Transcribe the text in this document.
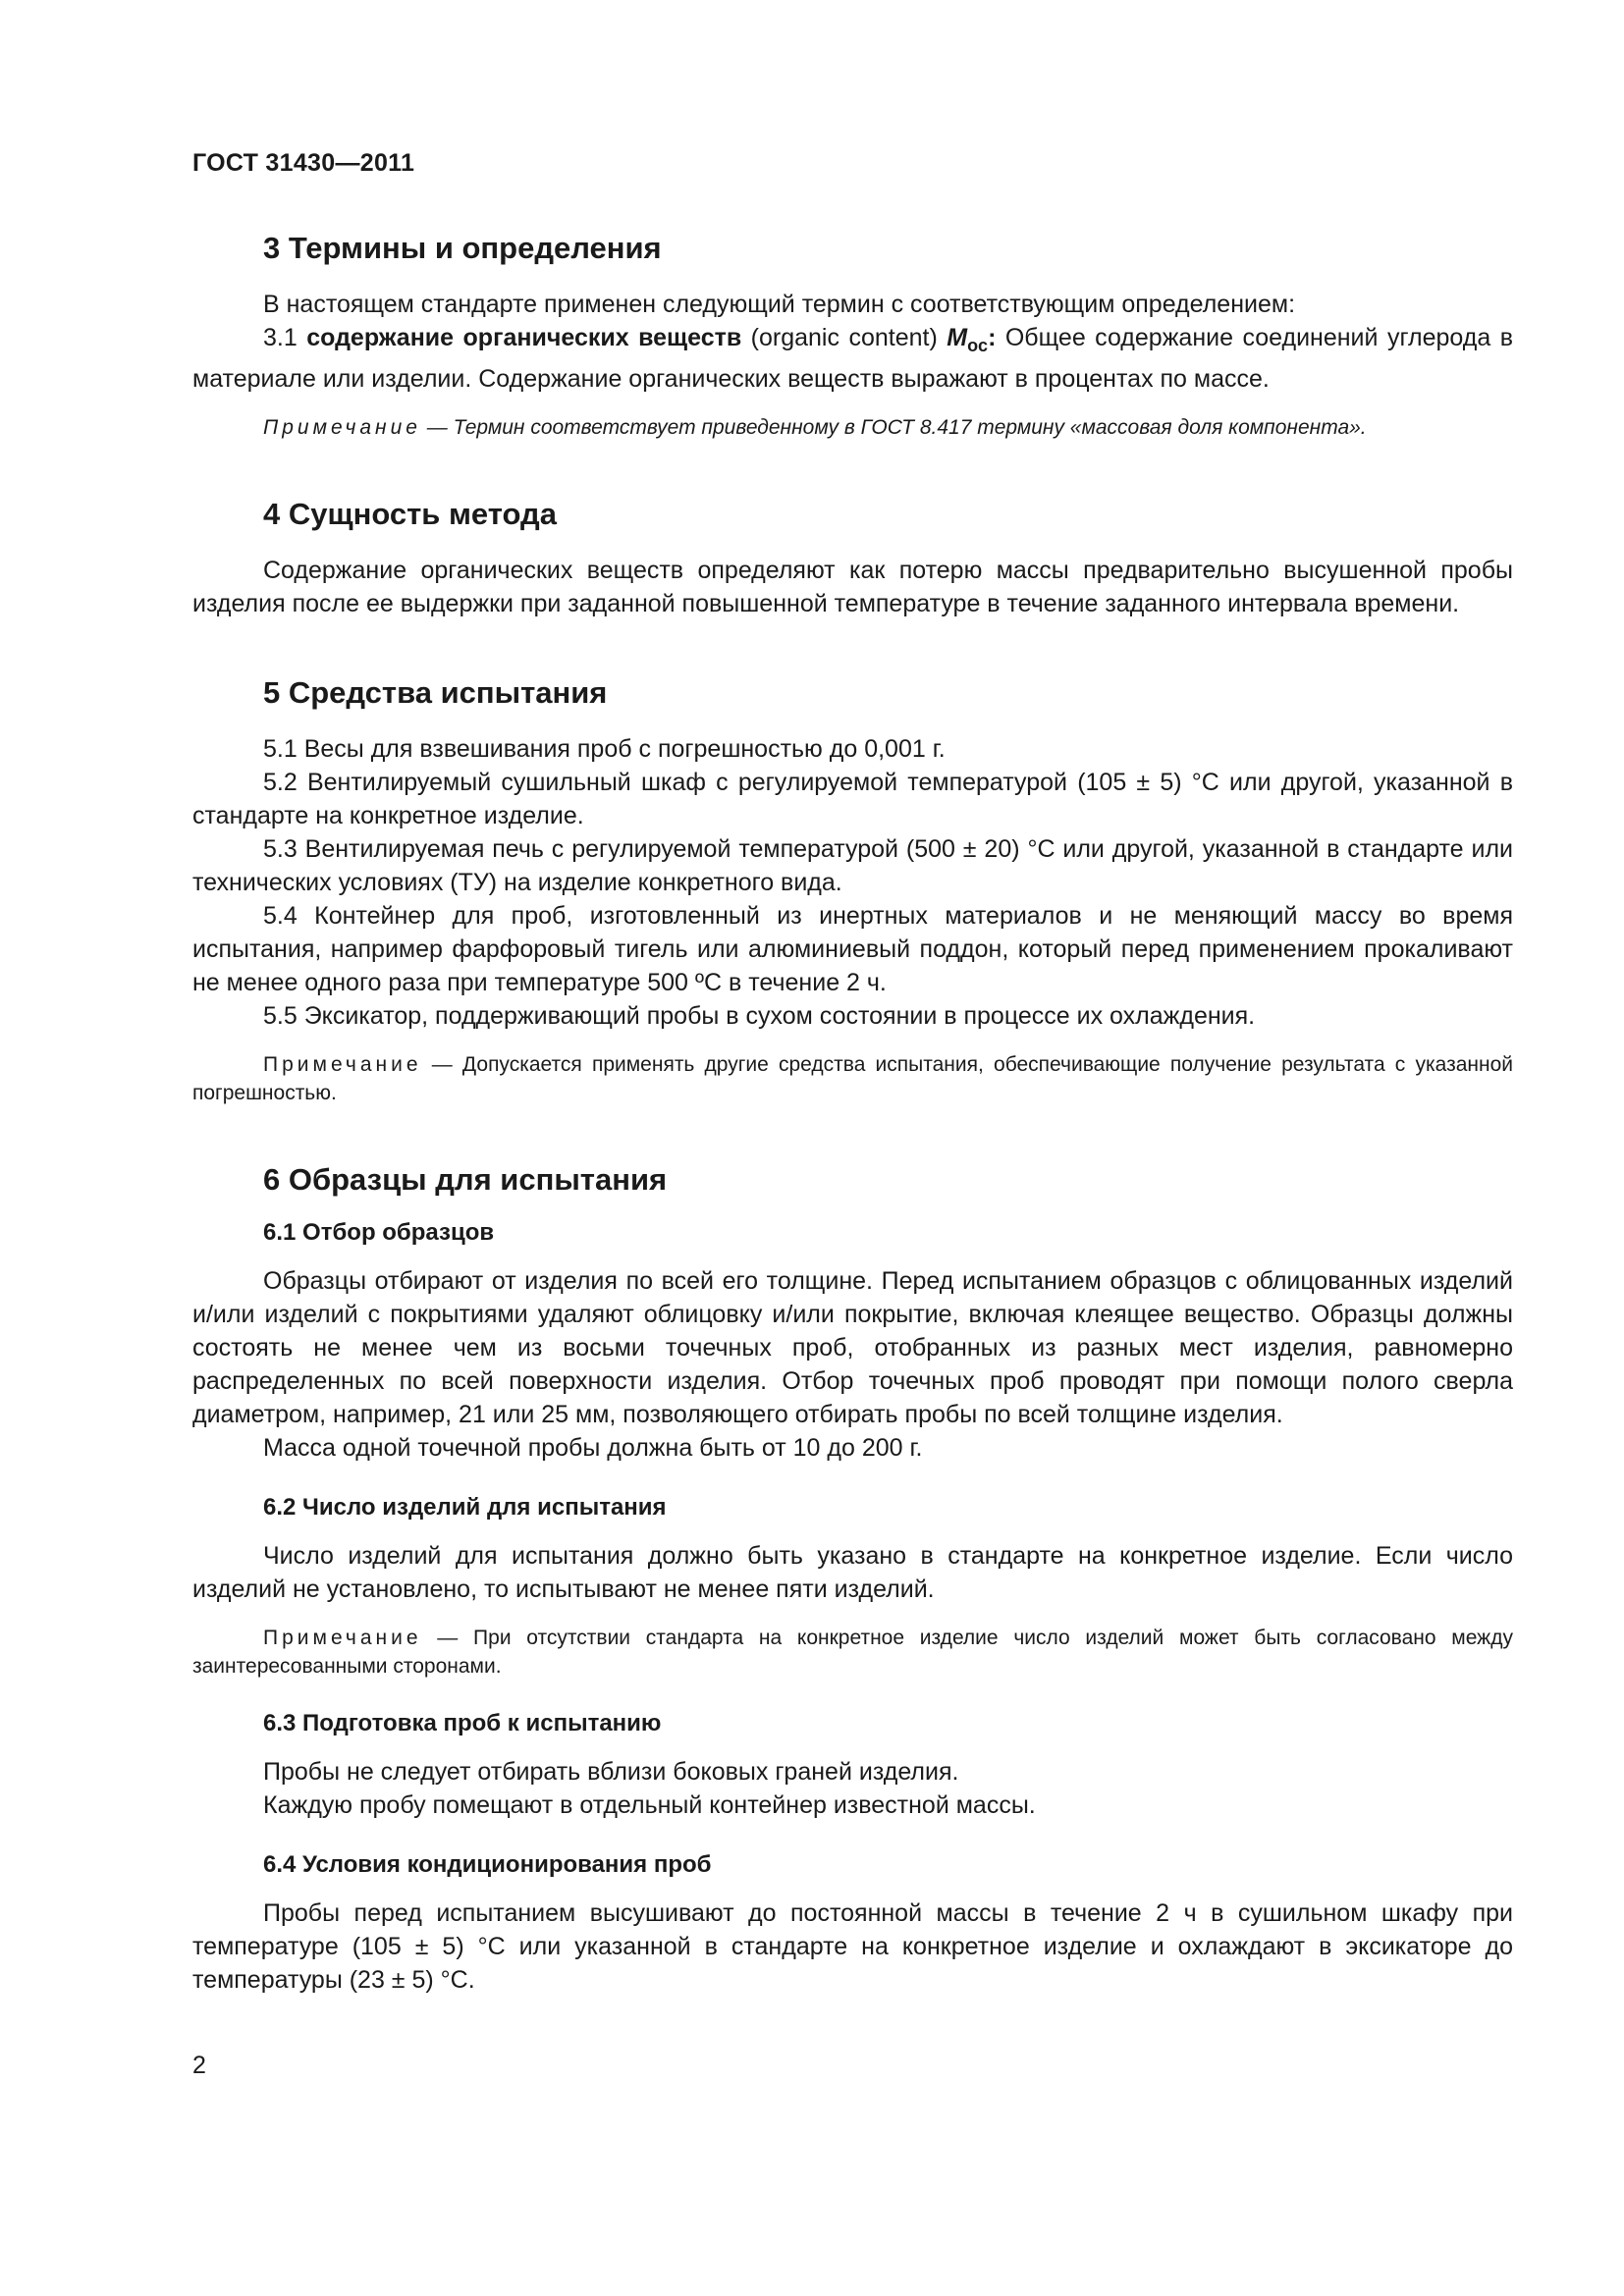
ГОСТ 31430—2011
3 Термины и определения

В настоящем стандарте применен следующий термин с соответствующим определением:

3.1 содержание органических веществ (organic content) $M_{oc}$: Общее содержание соединений углерода в материале или изделии. Содержание органических веществ выражают в процентах по массе.

Примечание — Термин соответствует приведенному в ГОСТ 8.417 термину «массовая доля компонента».

4 Сущность метода

Содержание органических веществ определяют как потерю массы предварительно высушенной пробы изделия после ее выдержки при заданной повышенной температуре в течение заданного интервала времени.

5 Средства испытания

5.1 Весы для взвешивания проб с погрешностью до 0,001 г.

5.2 Вентилируемый сушильный шкаф с регулируемой температурой (105 ± 5) °С или другой, указанной в стандарте на конкретное изделие.

5.3 Вентилируемая печь с регулируемой температурой (500 ± 20) °С или другой, указанной в стандарте или технических условиях (ТУ) на изделие конкретного вида.

5.4 Контейнер для проб, изготовленный из инертных материалов и не меняющий массу во время испытания, например фарфоровый тигель или алюминиевый поддон, который перед применением прокаливают не менее одного раза при температуре 500 ºС в течение 2 ч.

5.5 Эксикатор, поддерживающий пробы в сухом состоянии в процессе их охлаждения.

Примечание — Допускается применять другие средства испытания, обеспечивающие получение результата с указанной погрешностью.

6 Образцы для испытания
6.1 Отбор образцов

Образцы отбирают от изделия по всей его толщине. Перед испытанием образцов с облицованных изделий и/или изделий с покрытиями удаляют облицовку и/или покрытие, включая клеящее вещество. Образцы должны состоять не менее чем из восьми точечных проб, отобранных из разных мест изделия, равномерно распределенных по всей поверхности изделия. Отбор точечных проб проводят при помощи полого сверла диаметром, например, 21 или 25 мм, позволяющего отбирать пробы по всей толщине изделия.

Масса одной точечной пробы должна быть от 10 до 200 г.

6.2 Число изделий для испытания

Число изделий для испытания должно быть указано в стандарте на конкретное изделие. Если число изделий не установлено, то испытывают не менее пяти изделий.

Примечание — При отсутствии стандарта на конкретное изделие число изделий может быть согласовано между заинтересованными сторонами.

6.3 Подготовка проб к испытанию

Пробы не следует отбирать вблизи боковых граней изделия.

Каждую пробу помещают в отдельный контейнер известной массы.

6.4 Условия кондиционирования проб

Пробы перед испытанием высушивают до постоянной массы в течение 2 ч в сушильном шкафу при температуре (105 ± 5) °С или указанной в стандарте на конкретное изделие и охлаждают в эксикаторе до температуры (23 ± 5) °С.

2
